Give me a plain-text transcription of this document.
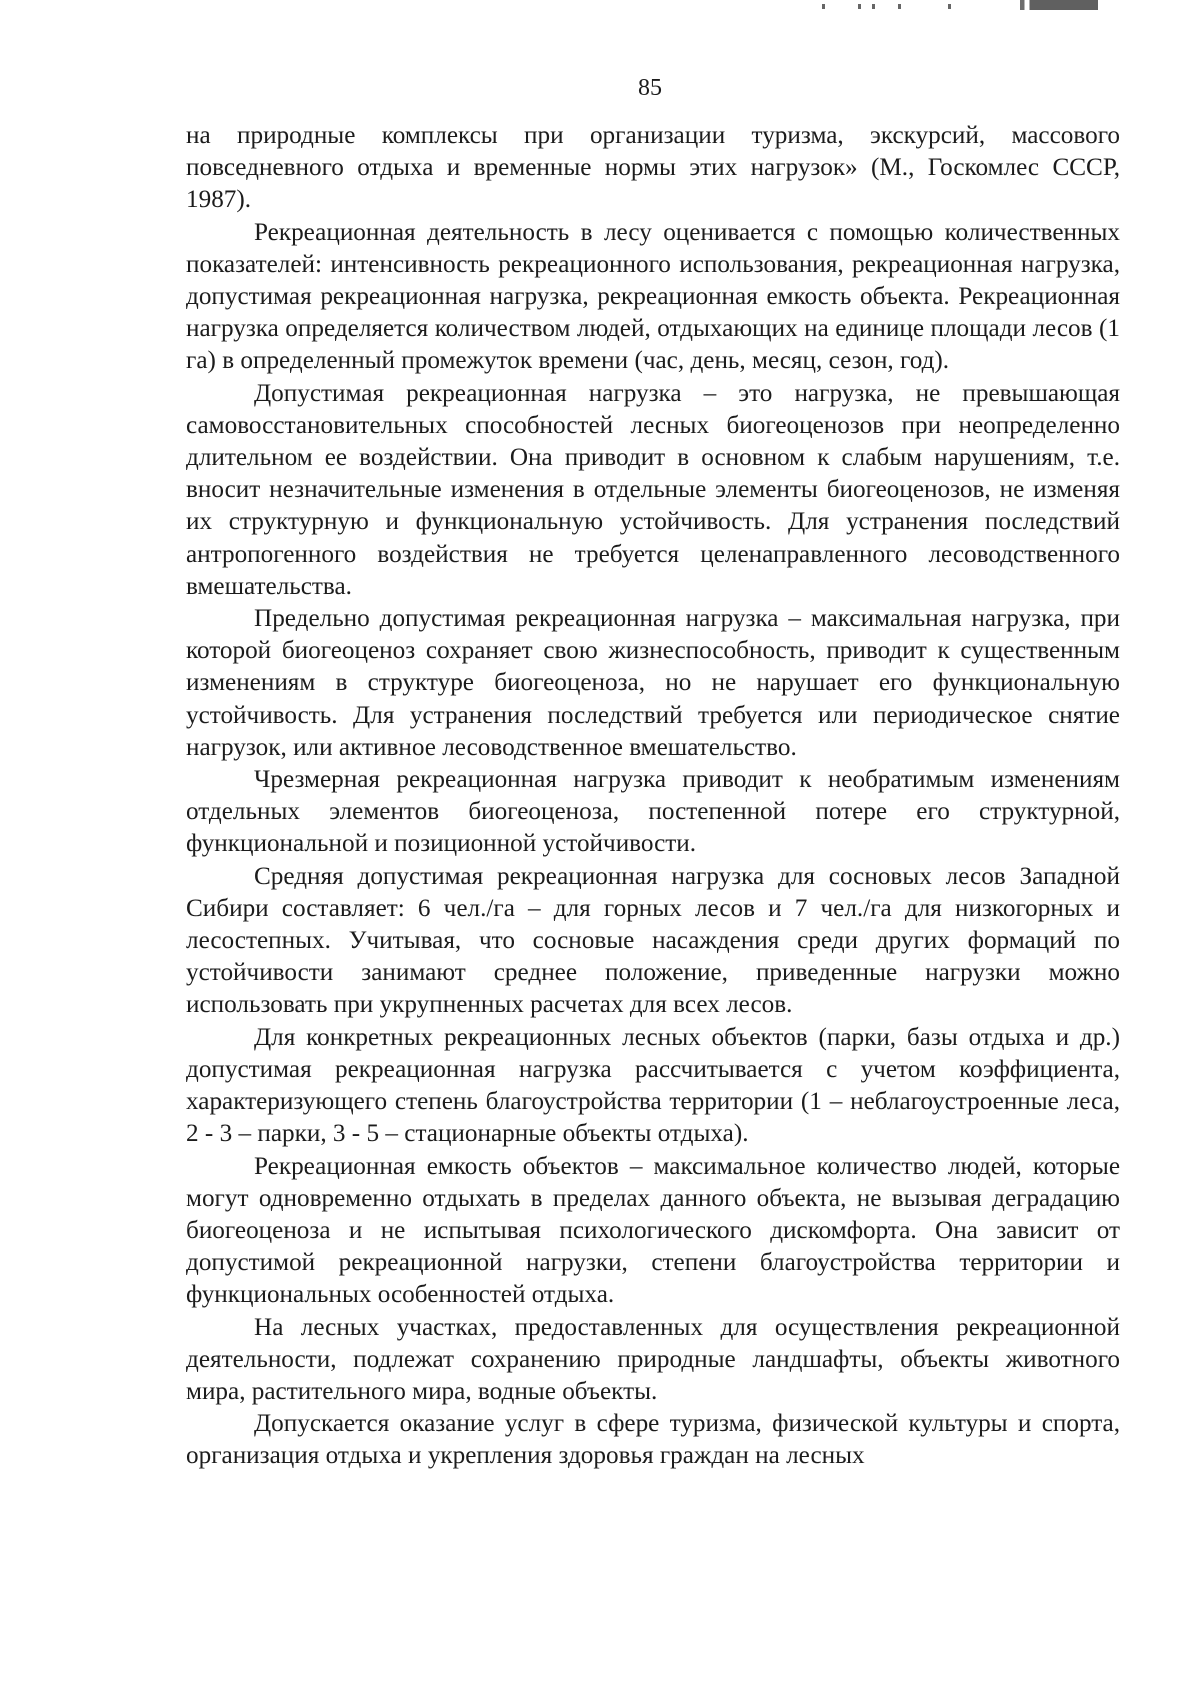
85

на природные комплексы при организации туризма, экскурсий, массового повседневного отдыха и временные нормы этих нагрузок» (М., Госкомлес СССР, 1987).

Рекреационная деятельность в лесу оценивается с помощью количественных показателей: интенсивность рекреационного использования, рекреационная нагрузка, допустимая рекреационная нагрузка, рекреационная емкость объекта. Рекреационная нагрузка определяется количеством людей, отдыхающих на единице площади лесов (1 га) в определенный промежуток времени (час, день, месяц, сезон, год).

Допустимая рекреационная нагрузка – это нагрузка, не превышающая самовосстановительных способностей лесных биогеоценозов при неопределенно длительном ее воздействии. Она приводит в основном к слабым нарушениям, т.е. вносит незначительные изменения в отдельные элементы биогеоценозов, не изменяя их структурную и функциональную устойчивость. Для устранения последствий антропогенного воздействия не требуется целенаправленного лесоводственного вмешательства.

Предельно допустимая рекреационная нагрузка – максимальная нагрузка, при которой биогеоценоз сохраняет свою жизнеспособность, приводит к существенным изменениям в структуре биогеоценоза, но не нарушает его функциональную устойчивость. Для устранения последствий требуется или периодическое снятие нагрузок, или активное лесоводственное вмешательство.

Чрезмерная рекреационная нагрузка приводит к необратимым изменениям отдельных элементов биогеоценоза, постепенной потере его структурной, функциональной и позиционной устойчивости.

Средняя допустимая рекреационная нагрузка для сосновых лесов Западной Сибири составляет: 6 чел./га – для горных лесов и 7 чел./га для низкогорных и лесостепных. Учитывая, что сосновые насаждения среди других формаций по устойчивости занимают среднее положение, приведенные нагрузки можно использовать при укрупненных расчетах для всех лесов.

Для конкретных рекреационных лесных объектов (парки, базы отдыха и др.) допустимая рекреационная нагрузка рассчитывается с учетом коэффициента, характеризующего степень благоустройства территории (1 – неблагоустроенные леса, 2 - 3 – парки, 3 - 5 – стационарные объекты отдыха).

Рекреационная емкость объектов – максимальное количество людей, которые могут одновременно отдыхать в пределах данного объекта, не вызывая деградацию биогеоценоза и не испытывая психологического дискомфорта. Она зависит от допустимой рекреационной нагрузки, степени благоустройства территории и функциональных особенностей отдыха.

На лесных участках, предоставленных для осуществления рекреационной деятельности, подлежат сохранению природные ландшафты, объекты животного мира, растительного мира, водные объекты.

Допускается оказание услуг в сфере туризма, физической культуры и спорта, организация отдыха и укрепления здоровья граждан на лесных
